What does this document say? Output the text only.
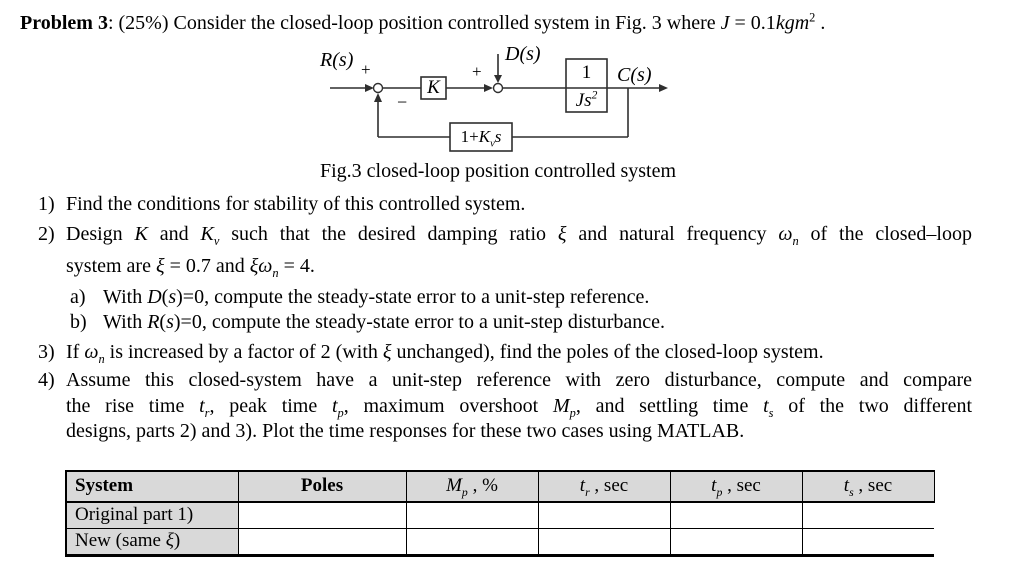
Problem 3: (25%) Consider the closed-loop position controlled system in Fig. 3 where J = 0.1kgm$^2$ .

R(s) +
−
K
+
D(s)
1
Js$^2$
C(s)
$1+K_vs$
Fig.3 closed-loop position controlled system
1) Find the conditions for stability of this controlled system.
2) Design K and $K_v$ such that the desired damping ratio ξ and natural frequency $\omega_n$ of the closed–loop
system are ξ = 0.7 and $\xi\omega_n = 4$.
a) With D(s)=0, compute the steady-state error to a unit-step reference.
b) With R(s)=0, compute the steady-state error to a unit-step disturbance.
3) If $\omega_n$ is increased by a factor of 2 (with ξ unchanged), find the poles of the closed-loop system.
4) Assume this closed-system have a unit-step reference with zero disturbance, compute and compare
the rise time $t_r$, peak time $t_p$, maximum overshoot $M_p$, and settling time $t_s$ of the two different
designs, parts 2) and 3). Plot the time responses for these two cases using MATLAB.
System	Poles	$M_p$ , %	$t_r$ , sec	$t_p$ , sec	$t_s$ , sec
Original part 1)					
New (same ξ)					
